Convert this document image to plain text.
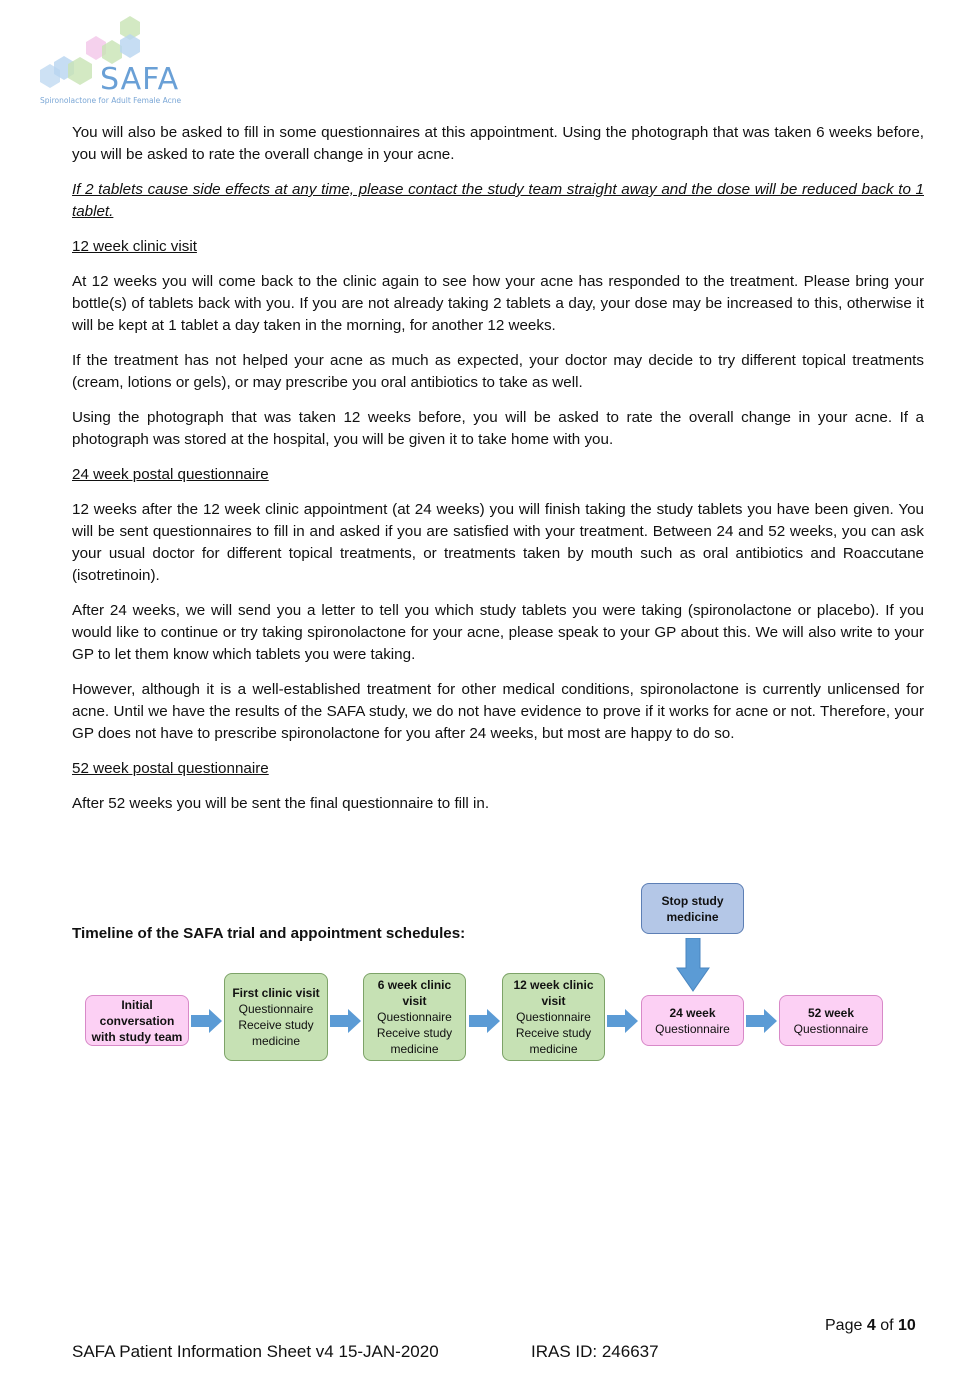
SAFA
Spironolactone for Adult Female Acne

You will also be asked to fill in some questionnaires at this appointment. Using the photograph that was taken 6 weeks before, you will be asked to rate the overall change in your acne.

If 2 tablets cause side effects at any time, please contact the study team straight away and the dose will be reduced back to 1 tablet.

12 week clinic visit

At 12 weeks you will come back to the clinic again to see how your acne has responded to the treatment. Please bring your bottle(s) of tablets back with you. If you are not already taking 2 tablets a day, your dose may be increased to this, otherwise it will be kept at 1 tablet a day taken in the morning, for another 12 weeks.

If the treatment has not helped your acne as much as expected, your doctor may decide to try different topical treatments (cream, lotions or gels), or may prescribe you oral antibiotics to take as well.

Using the photograph that was taken 12 weeks before, you will be asked to rate the overall change in your acne. If a photograph was stored at the hospital, you will be given it to take home with you.

24 week postal questionnaire

12 weeks after the 12 week clinic appointment (at 24 weeks) you will finish taking the study tablets you have been given. You will be sent questionnaires to fill in and asked if you are satisfied with your treatment. Between 24 and 52 weeks, you can ask your usual doctor for different topical treatments, or treatments taken by mouth such as oral antibiotics and Roaccutane (isotretinoin).

After 24 weeks, we will send you a letter to tell you which study tablets you were taking (spironolactone or placebo). If you would like to continue or try taking spironolactone for your acne, please speak to your GP about this. We will also write to your GP to let them know which tablets you were taking.

However, although it is a well-established treatment for other medical conditions, spironolactone is currently unlicensed for acne. Until we have the results of the SAFA study, we do not have evidence to prove if it works for acne or not. Therefore, your GP does not have to prescribe spironolactone for you after 24 weeks, but most are happy to do so.

52 week postal questionnaire

After 52 weeks you will be sent the final questionnaire to fill in.

Timeline of the SAFA trial and appointment schedules:
Stop study
medicine
Initial
conversation
with study team
First clinic visit
Questionnaire
Receive study
medicine
6 week clinic
visit
Questionnaire
Receive study
medicine
12 week clinic
visit
Questionnaire
Receive study
medicine
24 week
Questionnaire
52 week
Questionnaire
Page 4 of 10
SAFA Patient Information Sheet v4 15-JAN-2020	IRAS ID: 246637
